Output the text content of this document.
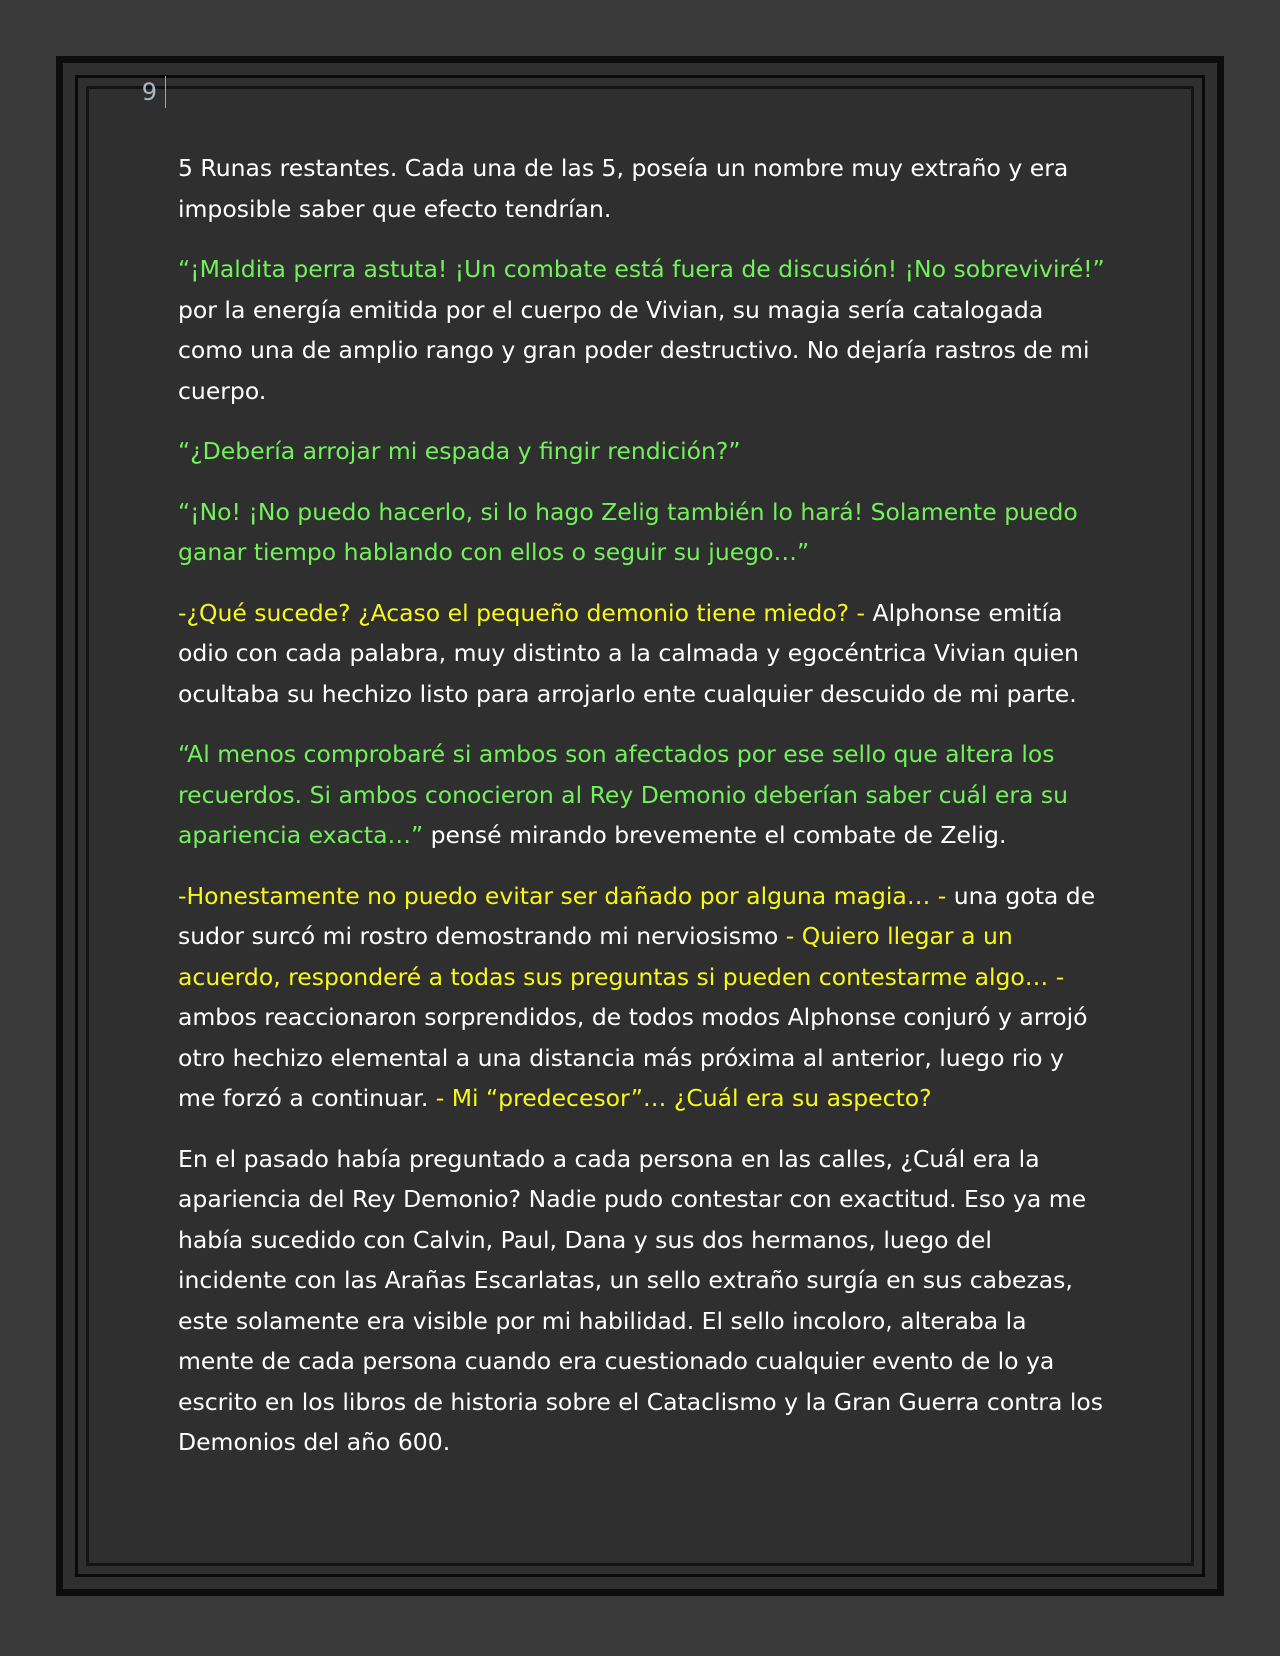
9

5 Runas restantes. Cada una de las 5, poseía un nombre muy extraño y era imposible saber que efecto tendrían.

“¡Maldita perra astuta! ¡Un combate está fuera de discusión! ¡No sobreviviré!” por la energía emitida por el cuerpo de Vivian, su magia sería catalogada como una de amplio rango y gran poder destructivo. No dejaría rastros de mi cuerpo.

“¿Debería arrojar mi espada y fingir rendición?”

“¡No! ¡No puedo hacerlo, si lo hago Zelig también lo hará! Solamente puedo ganar tiempo hablando con ellos o seguir su juego…”

-¿Qué sucede? ¿Acaso el pequeño demonio tiene miedo? - Alphonse emitía odio con cada palabra, muy distinto a la calmada y egocéntrica Vivian quien ocultaba su hechizo listo para arrojarlo ente cualquier descuido de mi parte.

“Al menos comprobaré si ambos son afectados por ese sello que altera los recuerdos. Si ambos conocieron al Rey Demonio deberían saber cuál era su apariencia exacta…” pensé mirando brevemente el combate de Zelig.

-Honestamente no puedo evitar ser dañado por alguna magia… - una gota de sudor surcó mi rostro demostrando mi nerviosismo - Quiero llegar a un acuerdo, responderé a todas sus preguntas si pueden contestarme algo… - ambos reaccionaron sorprendidos, de todos modos Alphonse conjuró y arrojó otro hechizo elemental a una distancia más próxima al anterior, luego rio y me forzó a continuar. - Mi “predecesor”… ¿Cuál era su aspecto?

En el pasado había preguntado a cada persona en las calles, ¿Cuál era la apariencia del Rey Demonio? Nadie pudo contestar con exactitud. Eso ya me había sucedido con Calvin, Paul, Dana y sus dos hermanos, luego del incidente con las Arañas Escarlatas, un sello extraño surgía en sus cabezas, este solamente era visible por mi habilidad. El sello incoloro, alteraba la mente de cada persona cuando era cuestionado cualquier evento de lo ya escrito en los libros de historia sobre el Cataclismo y la Gran Guerra contra los Demonios del año 600.
